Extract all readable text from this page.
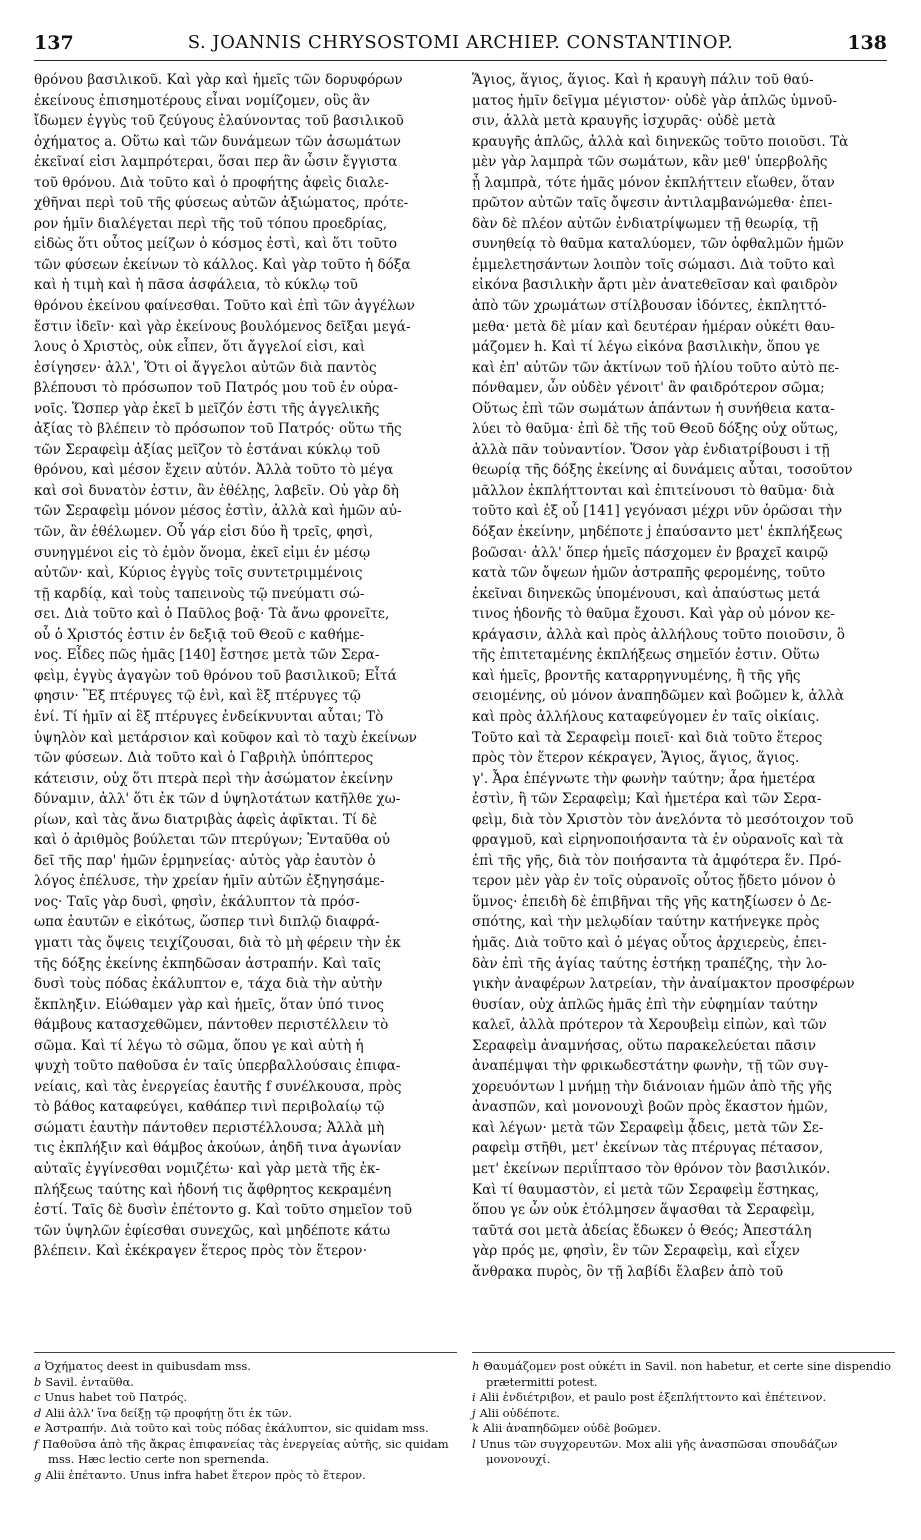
137	S. JOANNIS CHRYSOSTOMI ARCHIEP. CONSTANTINOP.	138
θρόνου βασιλικοῦ. Καὶ γὰρ καὶ ἡμεῖς τῶν δορυφόρων
ἐκείνους ἐπισημοτέρους εἶναι νομίζομεν, οὓς ἂν
ἴδωμεν ἐγγὺς τοῦ ζεύγους ἐλαύνοντας τοῦ βασιλικοῦ
ὀχήματος a. Οὕτω καὶ τῶν δυνάμεων τῶν ἀσωμάτων
ἐκεῖναί εἰσι λαμπρότεραι, ὅσαι περ ἂν ὦσιν ἔγγιστα
τοῦ θρόνου. Διὰ τοῦτο καὶ ὁ προφήτης ἀφεὶς διαλε-
χθῆναι περὶ τοῦ τῆς φύσεως αὐτῶν ἀξιώματος, πρότε-
ρον ἡμῖν διαλέγεται περὶ τῆς τοῦ τόπου προεδρίας,
εἰδὼς ὅτι οὗτος μείζων ὁ κόσμος ἐστὶ, καὶ ὅτι τοῦτο
τῶν φύσεων ἐκείνων τὸ κάλλος. Καὶ γὰρ τοῦτο ἡ δόξα
καὶ ἡ τιμὴ καὶ ἡ πᾶσα ἀσφάλεια, τὸ κύκλῳ τοῦ
θρόνου ἐκείνου φαίνεσθαι. Τοῦτο καὶ ἐπὶ τῶν ἀγγέλων
ἔστιν ἰδεῖν· καὶ γὰρ ἐκείνους βουλόμενος δεῖξαι μεγά-
λους ὁ Χριστὸς, οὐκ εἶπεν, ὅτι ἄγγελοί εἰσι, καὶ
ἐσίγησεν· ἀλλ', Ὅτι οἱ ἄγγελοι αὐτῶν διὰ παντὸς
βλέπουσι τὸ πρόσωπον τοῦ Πατρός μου τοῦ ἐν οὐρα-
νοῖς. Ὥσπερ γὰρ ἐκεῖ b μεῖζόν ἐστι τῆς ἀγγελικῆς
ἀξίας τὸ βλέπειν τὸ πρόσωπον τοῦ Πατρός· οὕτω τῆς
τῶν Σεραφεὶμ ἀξίας μεῖζον τὸ ἑστάναι κύκλῳ τοῦ
θρόνου, καὶ μέσον ἔχειν αὐτόν. Ἀλλὰ τοῦτο τὸ μέγα
καὶ σοὶ δυνατὸν ἐστιν, ἂν ἐθέλῃς, λαβεῖν. Οὐ γὰρ δὴ
τῶν Σεραφεὶμ μόνον μέσος ἐστὶν, ἀλλὰ καὶ ἡμῶν αὐ-
τῶν, ἂν ἐθέλωμεν. Οὗ γάρ εἰσι δύο ἢ τρεῖς, φησὶ,
συνηγμένοι εἰς τὸ ἐμὸν ὄνομα, ἐκεῖ εἰμι ἐν μέσῳ
αὐτῶν· καὶ, Κύριος ἐγγὺς τοῖς συντετριμμένοις
τῇ καρδίᾳ, καὶ τοὺς ταπεινοὺς τῷ πνεύματι σώ-
σει. Διὰ τοῦτο καὶ ὁ Παῦλος βοᾷ· Τὰ ἄνω φρονεῖτε,
οὗ ὁ Χριστός ἐστιν ἐν δεξιᾷ τοῦ Θεοῦ c καθήμε-
νος. Εἶδες πῶς ἡμᾶς [140] ἔστησε μετὰ τῶν Σερα-
φεὶμ, ἐγγὺς ἀγαγὼν τοῦ θρόνου τοῦ βασιλικοῦ; Εἶτά
φησιν· Ἓξ πτέρυγες τῷ ἑνὶ, καὶ ἓξ πτέρυγες τῷ
ἑνί. Τί ἡμῖν αἱ ἓξ πτέρυγες ἐνδείκνυνται αὗται; Τὸ
ὑψηλὸν καὶ μετάρσιον καὶ κοῦφον καὶ τὸ ταχὺ ἐκείνων
τῶν φύσεων. Διὰ τοῦτο καὶ ὁ Γαβριὴλ ὑπόπτερος
κάτεισιν, οὐχ ὅτι πτερὰ περὶ τὴν ἀσώματον ἐκείνην
δύναμιν, ἀλλ' ὅτι ἐκ τῶν d ὑψηλοτάτων κατῆλθε χω-
ρίων, καὶ τὰς ἄνω διατριβὰς ἀφεὶς ἀφῖκται. Τί δὲ
καὶ ὁ ἀριθμὸς βούλεται τῶν πτερύγων; Ἐνταῦθα οὐ
δεῖ τῆς παρ' ἡμῶν ἑρμηνείας· αὐτὸς γὰρ ἑαυτὸν ὁ
λόγος ἐπέλυσε, τὴν χρείαν ἡμῖν αὐτῶν ἐξηγησάμε-
νος· Ταῖς γὰρ δυσὶ, φησὶν, ἐκάλυπτον τὰ πρόσ-
ωπα ἑαυτῶν e εἰκότως, ὥσπερ τινὶ διπλῷ διαφρά-
γματι τὰς ὄψεις τειχίζουσαι, διὰ τὸ μὴ φέρειν τὴν ἐκ
τῆς δόξης ἐκείνης ἐκπηδῶσαν ἀστραπήν. Καὶ ταῖς
δυσὶ τοὺς πόδας ἐκάλυπτον e, τάχα διὰ τὴν αὐτὴν
ἔκπληξιν. Εἰώθαμεν γὰρ καὶ ἡμεῖς, ὅταν ὑπό τινος
θάμβους κατασχεθῶμεν, πάντοθεν περιστέλλειν τὸ
σῶμα. Καὶ τί λέγω τὸ σῶμα, ὅπου γε καὶ αὐτὴ ἡ
ψυχὴ τοῦτο παθοῦσα ἐν ταῖς ὑπερβαλλούσαις ἐπιφα-
νείαις, καὶ τὰς ἐνεργείας ἑαυτῆς f συνέλκουσα, πρὸς
τὸ βάθος καταφεύγει, καθάπερ τινὶ περιβολαίῳ τῷ
σώματι ἑαυτὴν πάντοθεν περιστέλλουσα; Ἀλλὰ μὴ
τις ἐκπλήξιν καὶ θάμβος ἀκούων, ἀηδῆ τινα ἀγωνίαν
αὐταῖς ἐγγίνεσθαι νομιζέτω· καὶ γὰρ μετὰ τῆς ἐκ-
πλήξεως ταύτης καὶ ἡδονή τις ἄφθρητος κεκραμένη
ἐστί. Ταῖς δὲ δυσὶν ἐπέτοντο g. Καὶ τοῦτο σημεῖον τοῦ
τῶν ὑψηλῶν ἐφίεσθαι συνεχῶς, καὶ μηδέποτε κάτω
βλέπειν. Καὶ ἐκέκραγεν ἕτερος πρὸς τὸν ἕτερον·
Ἅγιος, ἅγιος, ἅγιος. Καὶ ἡ κραυγὴ πάλιν τοῦ θαύ-
ματος ἡμῖν δεῖγμα μέγιστον· οὐδὲ γὰρ ἁπλῶς ὑμνοῦ-
σιν, ἀλλὰ μετὰ κραυγῆς ἰσχυρᾶς· οὐδὲ μετὰ
κραυγῆς ἁπλῶς, ἀλλὰ καὶ διηνεκῶς τοῦτο ποιοῦσι. Τὰ
μὲν γὰρ λαμπρὰ τῶν σωμάτων, κἂν μεθ' ὑπερβολῆς
ᾖ λαμπρὰ, τότε ἡμᾶς μόνον ἐκπλήττειν εἴωθεν, ὅταν
πρῶτον αὐτῶν ταῖς ὄψεσιν ἀντιλαμβανώμεθα· ἐπει-
δὰν δὲ πλέον αὐτῶν ἐνδιατρίψωμεν τῇ θεωρίᾳ, τῇ
συνηθείᾳ τὸ θαῦμα καταλύομεν, τῶν ὀφθαλμῶν ἡμῶν
ἐμμελετησάντων λοιπὸν τοῖς σώμασι. Διὰ τοῦτο καὶ
εἰκόνα βασιλικὴν ἄρτι μὲν ἀνατεθεῖσαν καὶ φαιδρὸν
ἀπὸ τῶν χρωμάτων στίλβουσαν ἰδόντες, ἐκπληττό-
μεθα· μετὰ δὲ μίαν καὶ δευτέραν ἡμέραν οὐκέτι θαυ-
μάζομεν h. Καὶ τί λέγω εἰκόνα βασιλικὴν, ὅπου γε
καὶ ἐπ' αὐτῶν τῶν ἀκτίνων τοῦ ἡλίου τοῦτο αὐτὸ πε-
πόνθαμεν, ὧν οὐδὲν γένοιτ' ἂν φαιδρότερον σῶμα;
Οὕτως ἐπὶ τῶν σωμάτων ἁπάντων ἡ συνήθεια κατα-
λύει τὸ θαῦμα· ἐπὶ δὲ τῆς τοῦ Θεοῦ δόξης οὐχ οὕτως,
ἀλλὰ πᾶν τοὐναντίον. Ὅσον γὰρ ἐνδιατρίβουσι i τῇ
θεωρίᾳ τῆς δόξης ἐκείνης αἱ δυνάμεις αὗται, τοσοῦτον
μᾶλλον ἐκπλήττονται καὶ ἐπιτείνουσι τὸ θαῦμα· διὰ
τοῦτο καὶ ἐξ οὗ [141] γεγόνασι μέχρι νῦν ὁρῶσαι τὴν
δόξαν ἐκείνην, μηδέποτε j ἐπαύσαντο μετ' ἐκπλήξεως
βοῶσαι· ἀλλ' ὅπερ ἡμεῖς πάσχομεν ἐν βραχεῖ καιρῷ
κατὰ τῶν ὄψεων ἡμῶν ἀστραπῆς φερομένης, τοῦτο
ἐκεῖναι διηνεκῶς ὑπομένουσι, καὶ ἀπαύστως μετά
τινος ἡδονῆς τὸ θαῦμα ἔχουσι. Καὶ γὰρ οὐ μόνον κε-
κράγασιν, ἀλλὰ καὶ πρὸς ἀλλήλους τοῦτο ποιοῦσιν, ὃ
τῆς ἐπιτεταμένης ἐκπλήξεως σημεῖόν ἐστιν. Οὕτω
καὶ ἡμεῖς, βροντῆς καταρρηγνυμένης, ἢ τῆς γῆς
σειομένης, οὐ μόνον ἀναπηδῶμεν καὶ βοῶμεν k, ἀλλὰ
καὶ πρὸς ἀλλήλους καταφεύγομεν ἐν ταῖς οἰκίαις.
Τοῦτο καὶ τὰ Σεραφεὶμ ποιεῖ· καὶ διὰ τοῦτο ἕτερος
πρὸς τὸν ἕτερον κέκραγεν, Ἅγιος, ἅγιος, ἅγιος.
γ'. Ἆρα ἐπέγνωτε τὴν φωνὴν ταύτην; ἆρα ἡμετέρα
ἐστὶν, ἢ τῶν Σεραφεὶμ; Καὶ ἡμετέρα καὶ τῶν Σερα-
φεὶμ, διὰ τὸν Χριστὸν τὸν ἀνελόντα τὸ μεσότοιχον τοῦ
φραγμοῦ, καὶ εἰρηνοποιήσαντα τὰ ἐν οὐρανοῖς καὶ τὰ
ἐπὶ τῆς γῆς, διὰ τὸν ποιήσαντα τὰ ἀμφότερα ἕν. Πρό-
τερον μὲν γὰρ ἐν τοῖς οὐρανοῖς οὗτος ᾔδετο μόνον ὁ
ὕμνος· ἐπειδὴ δὲ ἐπιβῆναι τῆς γῆς κατηξίωσεν ὁ Δε-
σπότης, καὶ τὴν μελῳδίαν ταύτην κατήνεγκε πρὸς
ἡμᾶς. Διὰ τοῦτο καὶ ὁ μέγας οὗτος ἀρχιερεὺς, ἐπει-
δὰν ἐπὶ τῆς ἁγίας ταύτης ἑστήκῃ τραπέζης, τὴν λο-
γικὴν ἀναφέρων λατρείαν, τὴν ἀναίμακτον προσφέρων
θυσίαν, οὐχ ἁπλῶς ἡμᾶς ἐπὶ τὴν εὐφημίαν ταύτην
καλεῖ, ἀλλὰ πρότερον τὰ Χερουβεὶμ εἰπὼν, καὶ τῶν
Σεραφεὶμ ἀναμνήσας, οὕτω παρακελεύεται πᾶσιν
ἀναπέμψαι τὴν φρικωδεστάτην φωνὴν, τῇ τῶν συγ-
χορευόντων l μνήμῃ τὴν διάνοιαν ἡμῶν ἀπὸ τῆς γῆς
ἀνασπῶν, καὶ μονονουχὶ βοῶν πρὸς ἕκαστον ἡμῶν,
καὶ λέγων· μετὰ τῶν Σεραφεὶμ ᾆδεις, μετὰ τῶν Σε-
ραφεὶμ στῆθι, μετ' ἐκείνων τὰς πτέρυγας πέτασον,
μετ' ἐκείνων περιΐπτασο τὸν θρόνον τὸν βασιλικόν.
Καὶ τί θαυμαστὸν, εἰ μετὰ τῶν Σεραφεὶμ ἕστηκας,
ὅπου γε ὧν οὐκ ἐτόλμησεν ἅψασθαι τὰ Σεραφεὶμ,
ταῦτά σοι μετὰ ἀδείας ἔδωκεν ὁ Θεός; Ἀπεστάλη
γὰρ πρός με, φησὶν, ἓν τῶν Σεραφεὶμ, καὶ εἶχεν
ἄνθρακα πυρὸς, ὃν τῇ λαβίδι ἔλαβεν ἀπὸ τοῦ
a Ὀχήματος deest in quibusdam mss.
b Savil. ἐνταῦθα.
c Unus habet τοῦ Πατρός.
d Alii ἀλλ' ἵνα δείξῃ τῷ προφήτῃ ὅτι ἐκ τῶν.
e Ἀστραπήν. Διὰ τοῦτο καὶ τοὺς πόδας ἐκάλυπτον, sic quidam mss.
f Παθοῦσα ἀπὸ τῆς ἄκρας ἐπιφανείας τὰς ἐνεργείας αὐτῆς, sic quidam mss. Hæc lectio certe non spernenda.
g Alii ἐπέταντο. Unus infra habet ἕτερον πρὸς τὸ ἕτερον.
h Θαυμάζομεν post οὐκέτι in Savil. non habetur, et certe sine dispendio prætermitti potest.
i Alii ἐνδιέτριβον, et paulo post ἐξεπλήττοντο καὶ ἐπέτεινον.
j Alii οὐδέποτε.
k Alii ἀναπηδῶμεν οὐδὲ βοῶμεν.
l Unus τῶν συγχορευτῶν. Mox alii γῆς ἀνασπῶσαι σπουδάζων μονονουχί.
